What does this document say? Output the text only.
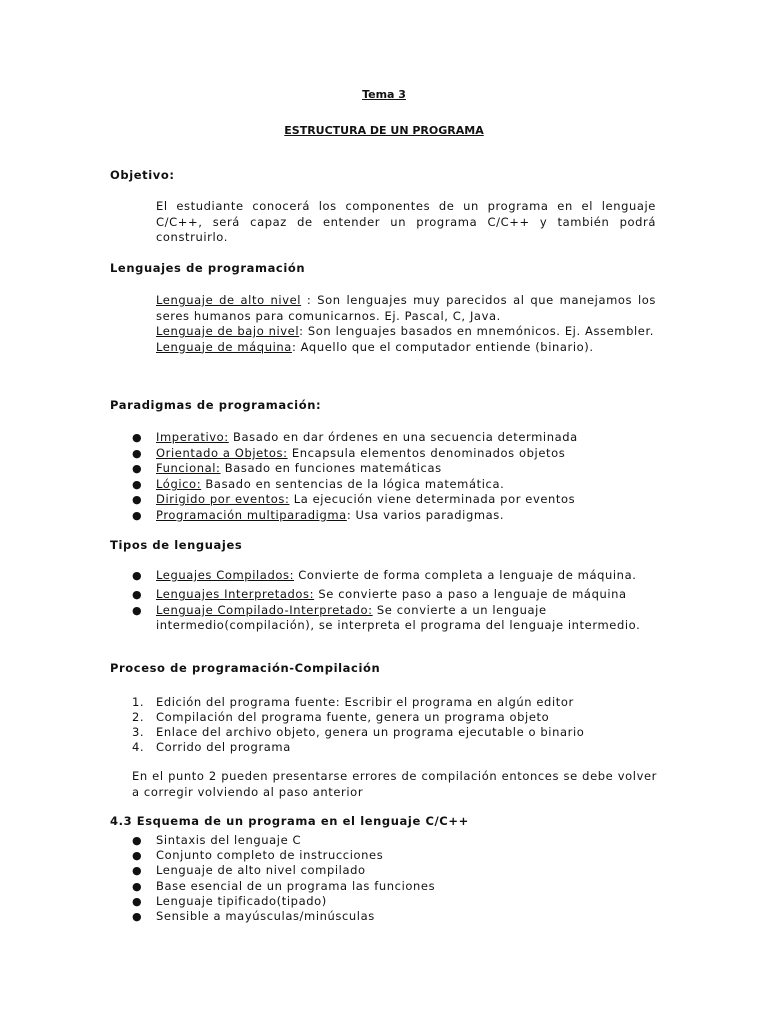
Tema 3
ESTRUCTURA DE UN PROGRAMA
Objetivo:
El estudiante conocerá los componentes de un programa en el lenguaje C/C++, será capaz de entender un programa C/C++ y también podrá construirlo.
Lenguajes de programación
Lenguaje de alto nivel : Son lenguajes muy parecidos al que manejamos los seres humanos para comunicarnos. Ej. Pascal, C, Java.
Lenguaje de bajo nivel: Son lenguajes basados en mnemónicos. Ej. Assembler.
Lenguaje de máquina: Aquello que el computador entiende (binario).
Paradigmas de programación:
● Imperativo: Basado en dar órdenes en una secuencia determinada
● Orientado a Objetos: Encapsula elementos denominados objetos
● Funcional: Basado en funciones matemáticas
● Lógico: Basado en sentencias de la lógica matemática.
● Dirigido por eventos: La ejecución viene determinada por eventos
● Programación multiparadigma: Usa varios paradigmas.
Tipos de lenguajes
● Leguajes Compilados: Convierte de forma completa a lenguaje de máquina.
● Lenguajes Interpretados: Se convierte paso a paso a lenguaje de máquina
● Lenguaje Compilado-Interpretado: Se convierte a un lenguaje
intermedio(compilación), se interpreta el programa del lenguaje intermedio.
Proceso de programación-Compilación
1. Edición del programa fuente: Escribir el programa en algún editor
2. Compilación del programa fuente, genera un programa objeto
3. Enlace del archivo objeto, genera un programa ejecutable o binario
4. Corrido del programa
En el punto 2 pueden presentarse errores de compilación entonces se debe volver a corregir volviendo al paso anterior
4.3 Esquema de un programa en el lenguaje C/C++
● Sintaxis del lenguaje C
● Conjunto completo de instrucciones
● Lenguaje de alto nivel compilado
● Base esencial de un programa las funciones
● Lenguaje tipificado(tipado)
● Sensible a mayúsculas/minúsculas
